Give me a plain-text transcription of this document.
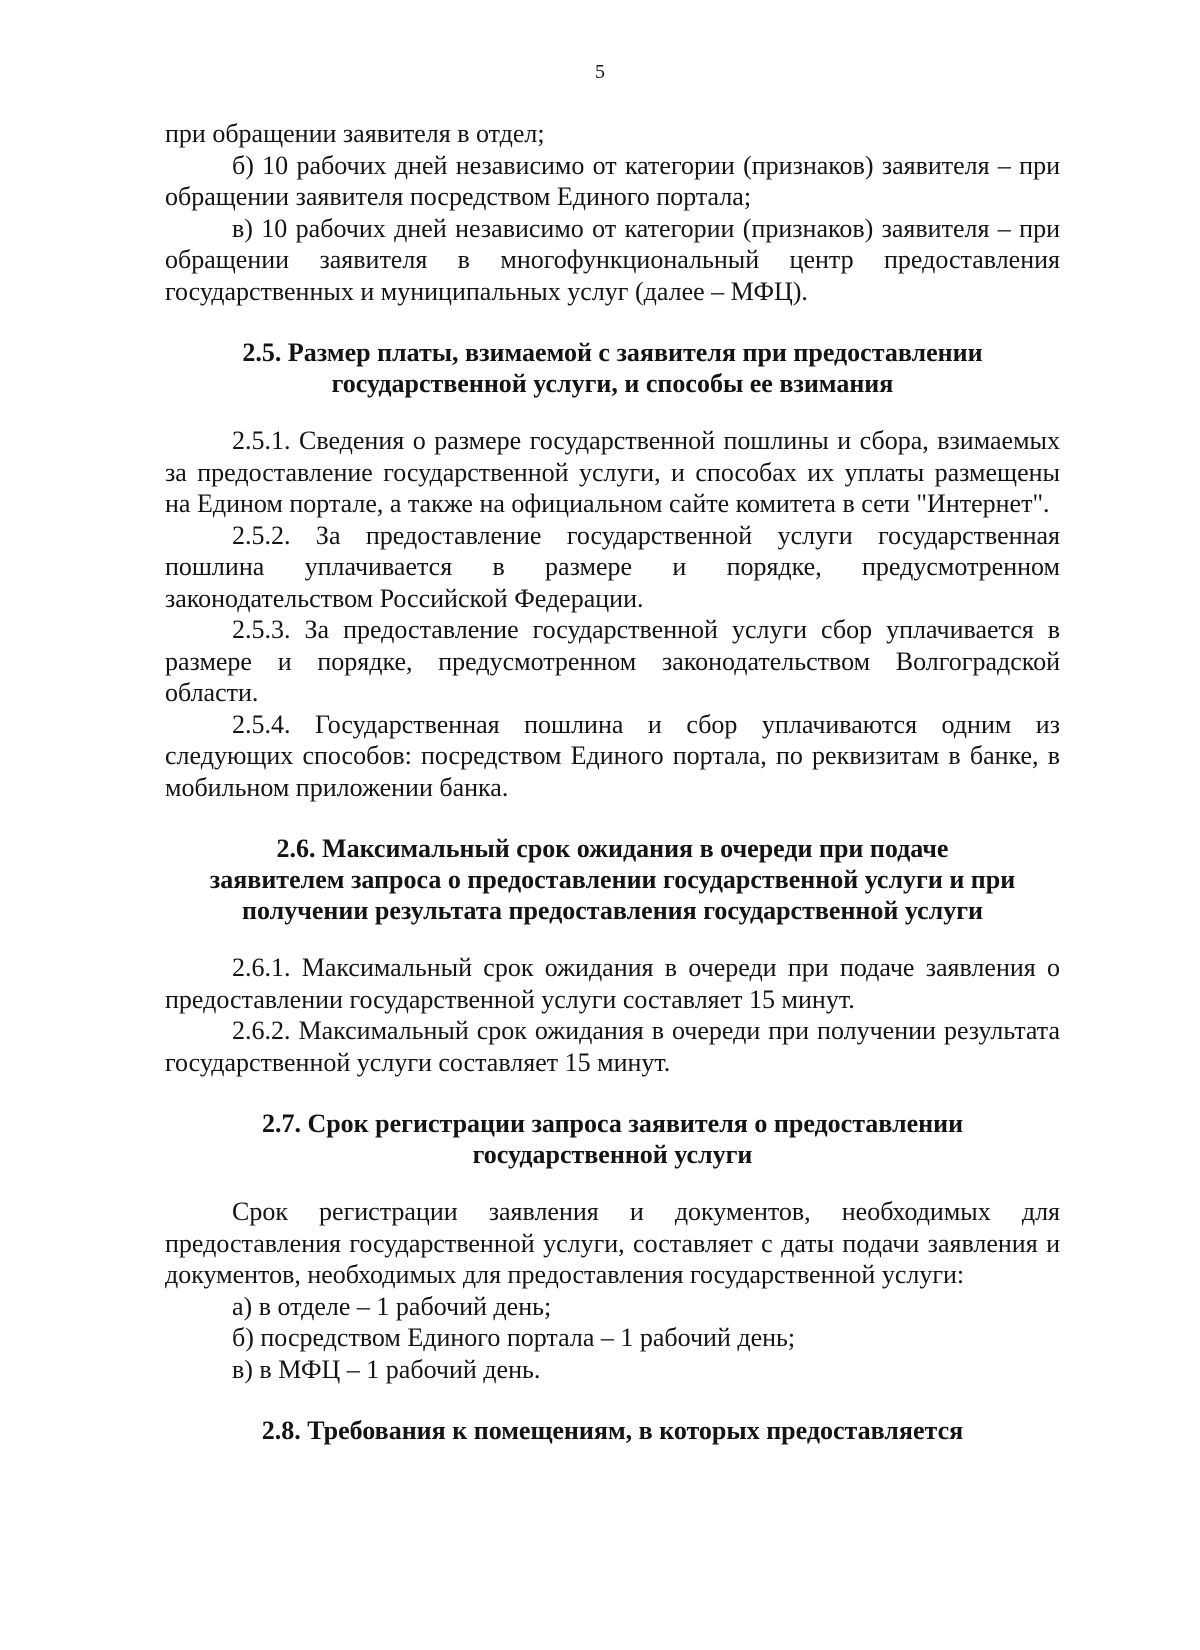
5

при обращении заявителя в отдел;

б) 10 рабочих дней независимо от категории (признаков) заявителя – при обращении заявителя посредством Единого портала;

в) 10 рабочих дней независимо от категории (признаков) заявителя – при обращении заявителя в многофункциональный центр предоставления государственных и муниципальных услуг (далее – МФЦ).

2.5. Размер платы, взимаемой с заявителя при предоставлении

государственной услуги, и способы ее взимания

2.5.1. Сведения о размере государственной пошлины и сбора, взимаемых за предоставление государственной услуги, и способах их уплаты размещены на Едином портале, а также на официальном сайте комитета в сети "Интернет".

2.5.2. За предоставление государственной услуги государственная пошлина уплачивается в размере и порядке, предусмотренном законодательством Российской Федерации.

2.5.3. За предоставление государственной услуги сбор уплачивается в размере и порядке, предусмотренном законодательством Волгоградской области.

2.5.4. Государственная пошлина и сбор уплачиваются одним из следующих способов: посредством Единого портала, по реквизитам в банке, в мобильном приложении банка.

2.6. Максимальный срок ожидания в очереди при подаче

заявителем запроса о предоставлении государственной услуги и при

получении результата предоставления государственной услуги

2.6.1. Максимальный срок ожидания в очереди при подаче заявления о предоставлении государственной услуги составляет 15 минут.

2.6.2. Максимальный срок ожидания в очереди при получении результата государственной услуги составляет 15 минут.

2.7. Срок регистрации запроса заявителя о предоставлении

государственной услуги

Срок регистрации заявления и документов, необходимых для предоставления государственной услуги, составляет с даты подачи заявления и документов, необходимых для предоставления государственной услуги:

а) в отделе – 1 рабочий день;

б) посредством Единого портала – 1 рабочий день;

в) в МФЦ – 1 рабочий день.

2.8. Требования к помещениям, в которых предоставляется
